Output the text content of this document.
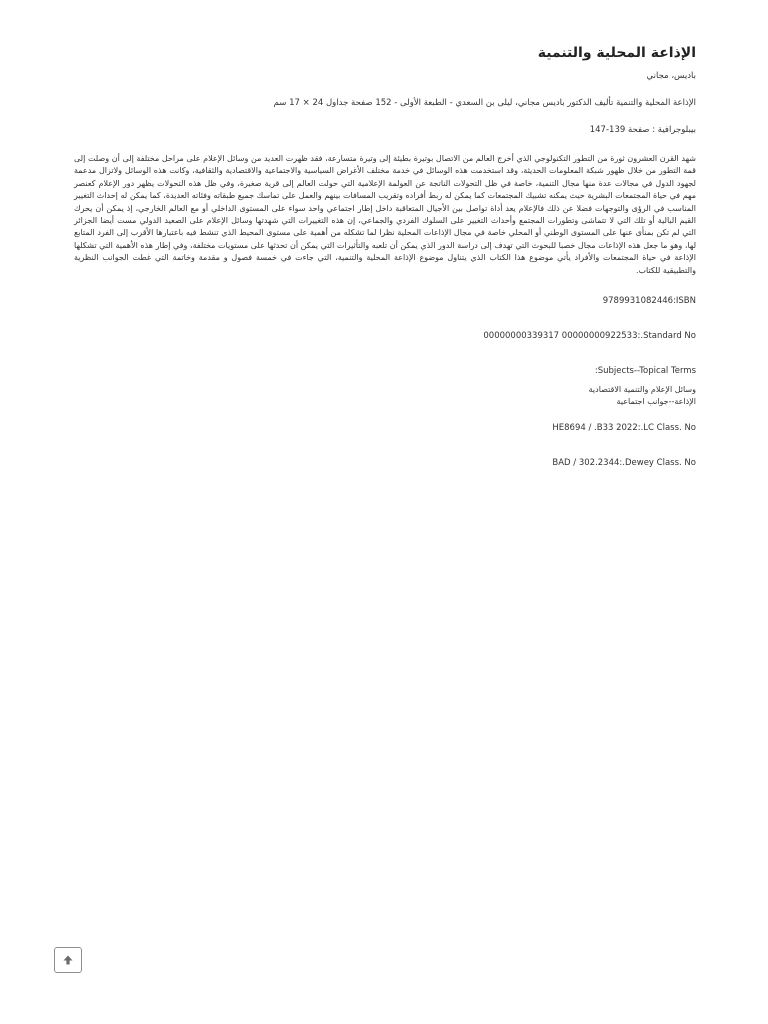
الإذاعة المحلية والتنمية

باديس، مجاني

الإذاعة المحلية والتنمية تأليف الدكتور باديس مجاني، ليلى بن السعدي - الطبعة الأولى - 152 صفحة جداول 24 × 17 سم

بيبلوجرافية : صفحة 139-147

شهد القرن العشرون ثورة من التطور التكنولوجي الذي أخرج العالم من الاتصال بوتيرة بطيئة إلى وتيرة متسارعة، فقد ظهرت العديد من وسائل الإعلام على مراحل مختلفة إلى أن وصلت إلى قمة التطور من خلال ظهور شبكة المعلومات الحديثة، وقد استخدمت هذه الوسائل في خدمة مختلف الأغراض السياسية والاجتماعية والاقتصادية والثقافية، وكانت هذه الوسائل ولاتزال مدعمة لجهود الدول في مجالات عدة منها مجال التنمية، خاصة في ظل التحولات الناتجة عن العولمة الإعلامية التي حولت العالم إلى قرية صغيرة، وفي ظل هذه التحولات يظهر دور الإعلام كعنصر مهم في حياة المجتمعات البشرية حيث يمكنه تشبيك المجتمعات كما يمكن له ربط أفراده وتقريب المسافات بينهم والعمل على تماسك جميع طبقاته وفئاته العديدة، كما يمكن له إحداث التغيير المناسب في الرؤى والتوجهات فضلا عن ذلك فالإعلام يعد أداة تواصل بين الأجيال المتعاقبة داخل إطار اجتماعي واحد سواء على المستوى الداخلي أو مع العالم الخارجي، إذ يمكن أن يحرك القيم البالية أو تلك التي لا تتماشى وتطورات المجتمع وأحداث التغيير على السلوك الفردي والجماعي، إن هذه التغييرات التي شهدتها وسائل الإعلام على الصعيد الدولي مست أيضا الجزائر التي لم تكن بمنأى عنها على المستوى الوطني أو المحلي خاصة في مجال الإذاعات المحلية نظرا لما تشكله من أهمية على مستوى المحيط الذي تنشط فيه باعتبارها الأقرب إلى الفرد المتابع لها، وهو ما جعل هذه الإذاعات مجال خصبا للبحوث التي تهدف إلى دراسة الدور الذي يمكن أن تلعبه والتأثيرات التي يمكن أن تحدثها على مستويات مختلفة، وفي إطار هذه الأهمية التي تشكلها الإذاعة في حياة المجتمعات والأفراد يأتي موضوع هذا الكتاب الذي يتناول موضوع الإذاعة المحلية والتنمية، التي جاءت في خمسة فصول و مقدمة وخاتمة التي غطت الجوانب النظرية والتطبيقية للكتاب.

9789931082446:ISBN

00000000339317 00000000922533:.Standard No

:Subjects--Topical Terms

وسائل الإعلام والتنمية الاقتصادية

الإذاعة--جوانب اجتماعية

HE8694 / .B33 2022:.LC Class. No

BAD / 302.2344:.Dewey Class. No
